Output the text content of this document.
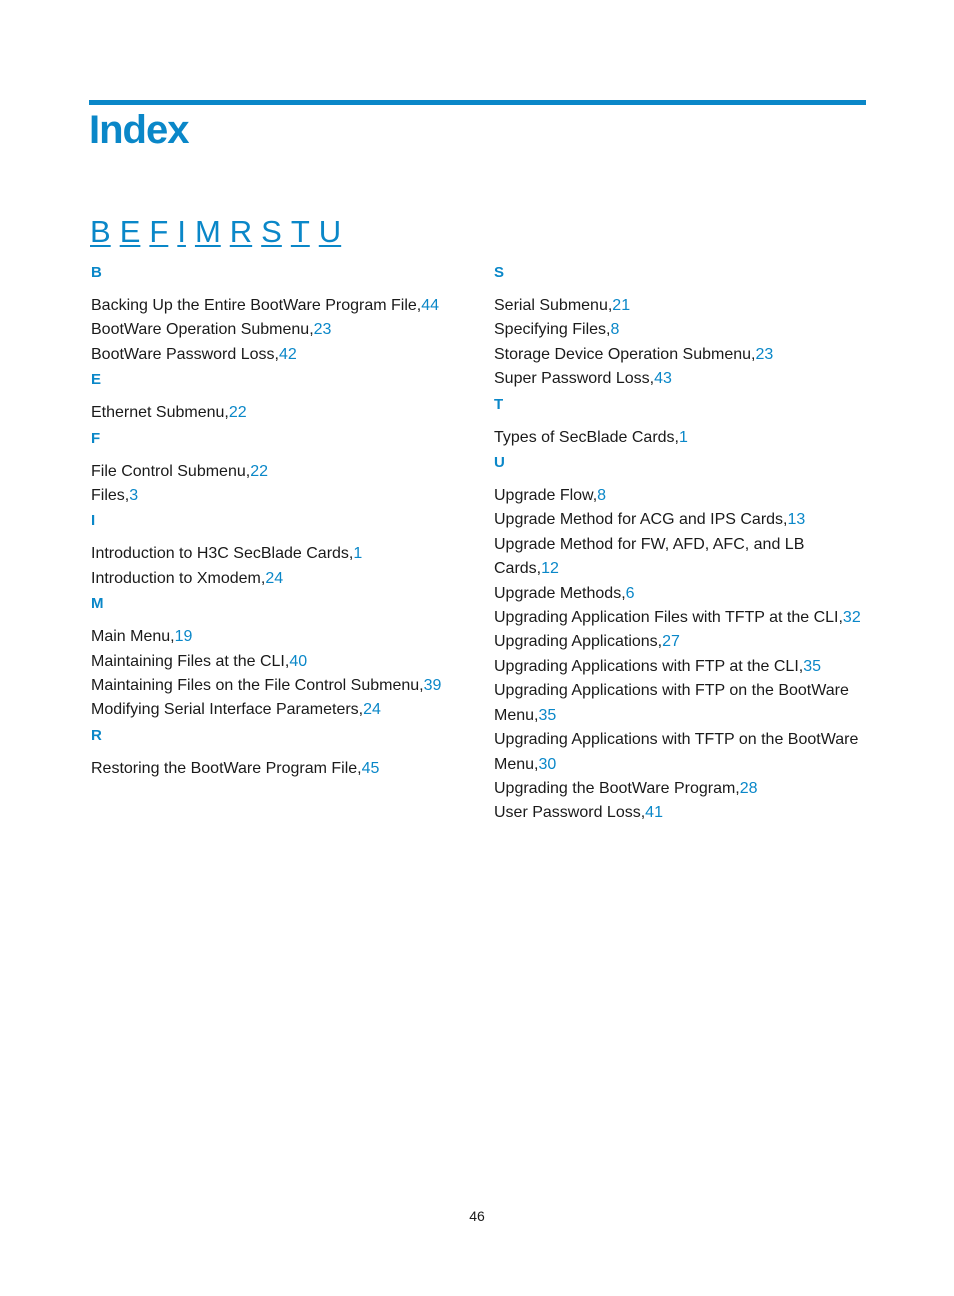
Index
B E F I M R S T U
B
Backing Up the Entire BootWare Program File,44
BootWare Operation Submenu,23
BootWare Password Loss,42
E
Ethernet Submenu,22
F
File Control Submenu,22
Files,3
I
Introduction to H3C SecBlade Cards,1
Introduction to Xmodem,24
M
Main Menu,19
Maintaining Files at the CLI,40
Maintaining Files on the File Control Submenu,39
Modifying Serial Interface Parameters,24
R
Restoring the BootWare Program File,45
S
Serial Submenu,21
Specifying Files,8
Storage Device Operation Submenu,23
Super Password Loss,43
T
Types of SecBlade Cards,1
U
Upgrade Flow,8
Upgrade Method for ACG and IPS Cards,13
Upgrade Method for FW, AFD, AFC, and LB Cards,12
Upgrade Methods,6
Upgrading Application Files with TFTP at the CLI,32
Upgrading Applications,27
Upgrading Applications with FTP at the CLI,35
Upgrading Applications with FTP on the BootWare Menu,35
Upgrading Applications with TFTP on the BootWare Menu,30
Upgrading the BootWare Program,28
User Password Loss,41
46
